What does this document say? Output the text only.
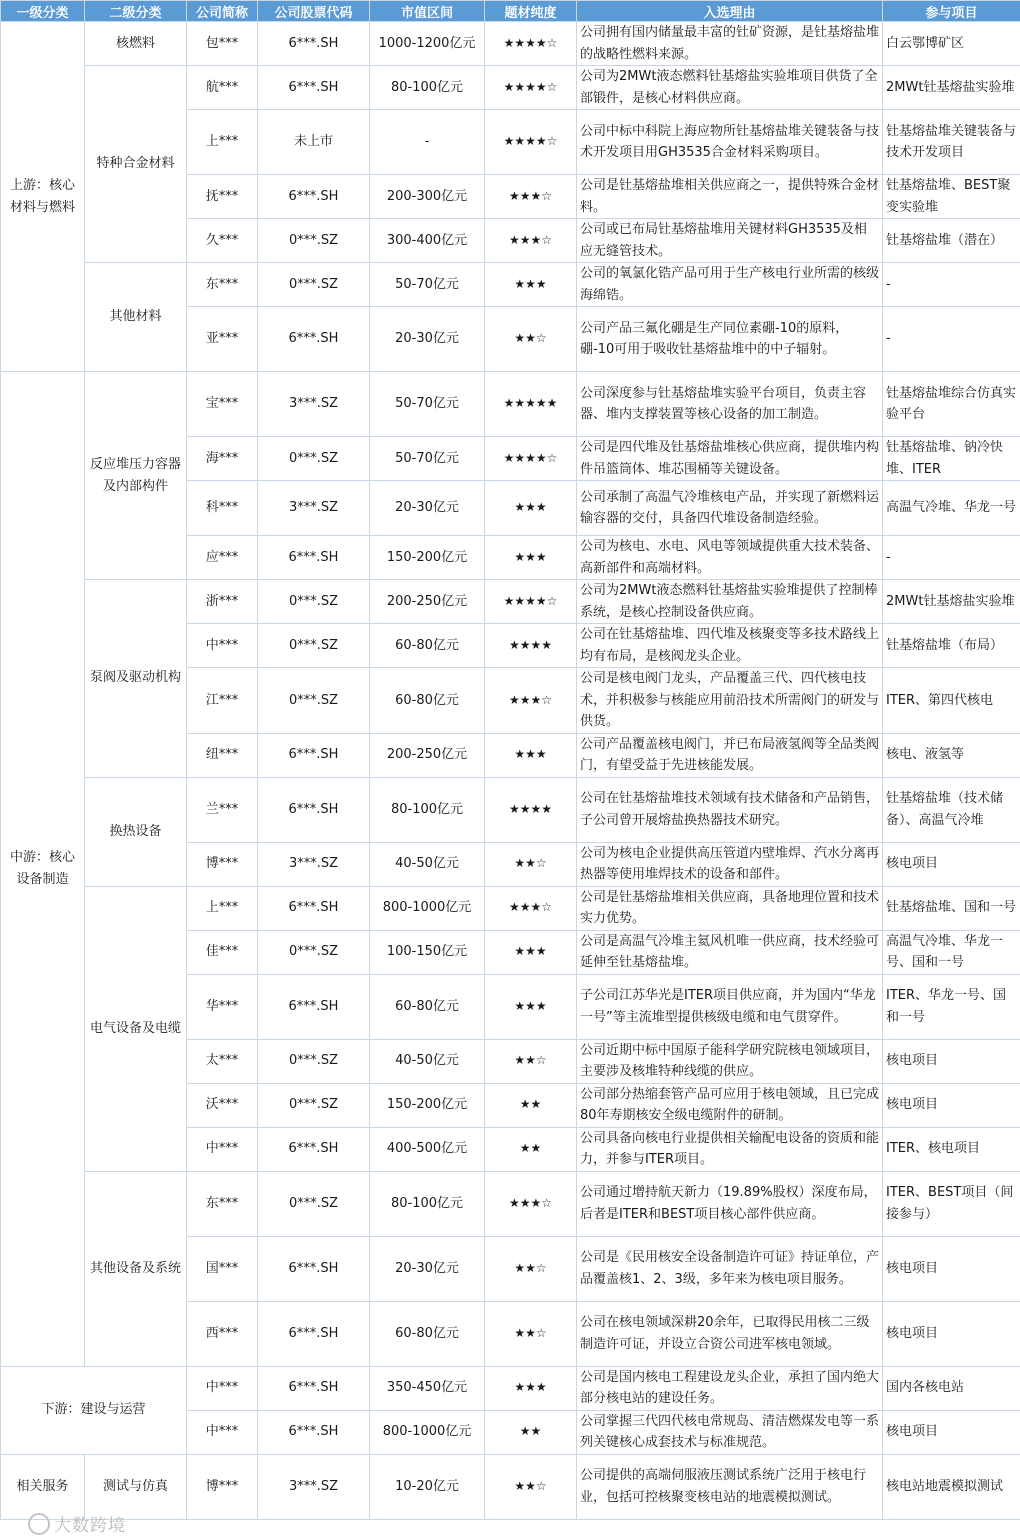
一级分类	二级分类	公司简称	公司股票代码	市值区间	题材纯度	入选理由	参与项目
上游：核心材料与燃料	核燃料	包***	6***.SH	1000-1200亿元	★★★★☆	公司拥有国内储量最丰富的钍矿资源，是钍基熔盐堆的战略性燃料来源。	白云鄂博矿区
	特种合金材料	航***	6***.SH	80-100亿元	★★★★☆	公司为2MWt液态燃料钍基熔盐实验堆项目供货了全部锻件，是核心材料供应商。	2MWt钍基熔盐实验堆
		上***	未上市	-	★★★★☆	公司中标中科院上海应物所钍基熔盐堆关键装备与技术开发项目用GH3535合金材料采购项目。	钍基熔盐堆关键装备与技术开发项目
		抚***	6***.SH	200-300亿元	★★★☆	公司是钍基熔盐堆相关供应商之一，提供特殊合金材料。	钍基熔盐堆、BEST聚变实验堆
		久***	0***.SZ	300-400亿元	★★★☆	公司或已布局钍基熔盐堆用关键材料GH3535及相应无缝管技术。	钍基熔盐堆（潜在）
	其他材料	东***	0***.SZ	50-70亿元	★★★	公司的氧氯化锆产品可用于生产核电行业所需的核级海绵锆。	-
		亚***	6***.SH	20-30亿元	★★☆	公司产品三氟化硼是生产同位素硼-10的原料，硼-10可用于吸收钍基熔盐堆中的中子辐射。	-
中游：核心设备制造	反应堆压力容器及内部构件	宝***	3***.SZ	50-70亿元	★★★★★	公司深度参与钍基熔盐堆实验平台项目，负责主容器、堆内支撑装置等核心设备的加工制造。	钍基熔盐堆综合仿真实验平台
		海***	0***.SZ	50-70亿元	★★★★☆	公司是四代堆及钍基熔盐堆核心供应商，提供堆内构件吊篮筒体、堆芯围桶等关键设备。	钍基熔盐堆、钠冷快堆、ITER
		科***	3***.SZ	20-30亿元	★★★	公司承制了高温气冷堆核电产品，并实现了新燃料运输容器的交付，具备四代堆设备制造经验。	高温气冷堆、华龙一号
		应***	6***.SH	150-200亿元	★★★	公司为核电、水电、风电等领域提供重大技术装备、高新部件和高端材料。	-
	泵阀及驱动机构	浙***	0***.SZ	200-250亿元	★★★★☆	公司为2MWt液态燃料钍基熔盐实验堆提供了控制棒系统，是核心控制设备供应商。	2MWt钍基熔盐实验堆
		中***	0***.SZ	60-80亿元	★★★★	公司在钍基熔盐堆、四代堆及核聚变等多技术路线上均有布局，是核阀龙头企业。	钍基熔盐堆（布局）
		江***	0***.SZ	60-80亿元	★★★☆	公司是核电阀门龙头，产品覆盖三代、四代核电技术，并积极参与核能应用前沿技术所需阀门的研发与供货。	ITER、第四代核电
		纽***	6***.SH	200-250亿元	★★★	公司产品覆盖核电阀门，并已布局液氢阀等全品类阀门，有望受益于先进核能发展。	核电、液氢等
	换热设备	兰***	6***.SH	80-100亿元	★★★★	公司在钍基熔盐堆技术领域有技术储备和产品销售，子公司曾开展熔盐换热器技术研究。	钍基熔盐堆（技术储备）、高温气冷堆
		博***	3***.SZ	40-50亿元	★★☆	公司为核电企业提供高压管道内壁堆焊、汽水分离再热器等使用堆焊技术的设备和部件。	核电项目
	电气设备及电缆	上***	6***.SH	800-1000亿元	★★★☆	公司是钍基熔盐堆相关供应商，具备地理位置和技术实力优势。	钍基熔盐堆、国和一号
		佳***	0***.SZ	100-150亿元	★★★	公司是高温气冷堆主氦风机唯一供应商，技术经验可延伸至钍基熔盐堆。	高温气冷堆、华龙一号、国和一号
		华***	6***.SH	60-80亿元	★★★	子公司江苏华光是ITER项目供应商，并为国内“华龙一号”等主流堆型提供核级电缆和电气贯穿件。	ITER、华龙一号、国和一号
		太***	0***.SZ	40-50亿元	★★☆	公司近期中标中国原子能科学研究院核电领域项目，主要涉及核堆特种线缆的供应。	核电项目
		沃***	0***.SZ	150-200亿元	★★	公司部分热缩套管产品可应用于核电领域，且已完成80年寿期核安全级电缆附件的研制。	核电项目
		中***	6***.SH	400-500亿元	★★	公司具备向核电行业提供相关输配电设备的资质和能力，并参与ITER项目。	ITER、核电项目
	其他设备及系统	东***	0***.SZ	80-100亿元	★★★☆	公司通过增持航天新力（19.89%股权）深度布局，后者是ITER和BEST项目核心部件供应商。	ITER、BEST项目（间接参与）
		国***	6***.SH	20-30亿元	★★☆	公司是《民用核安全设备制造许可证》持证单位，产品覆盖核1、2、3级，多年来为核电项目服务。	核电项目
		西***	6***.SH	60-80亿元	★★☆	公司在核电领域深耕20余年，已取得民用核二三级制造许可证，并设立合资公司进军核电领域。	核电项目
下游：建设与运营		中***	6***.SH	350-450亿元	★★★	公司是国内核电工程建设龙头企业，承担了国内绝大部分核电站的建设任务。	国内各核电站
		中***	6***.SH	800-1000亿元	★★	公司掌握三代四代核电常规岛、清洁燃煤发电等一系列关键核心成套技术与标准规范。	核电项目
相关服务	测试与仿真	博***	3***.SZ	10-20亿元	★★☆	公司提供的高端伺服液压测试系统广泛用于核电行业，包括可控核聚变核电站的地震模拟测试。	核电站地震模拟测试
大数跨境
